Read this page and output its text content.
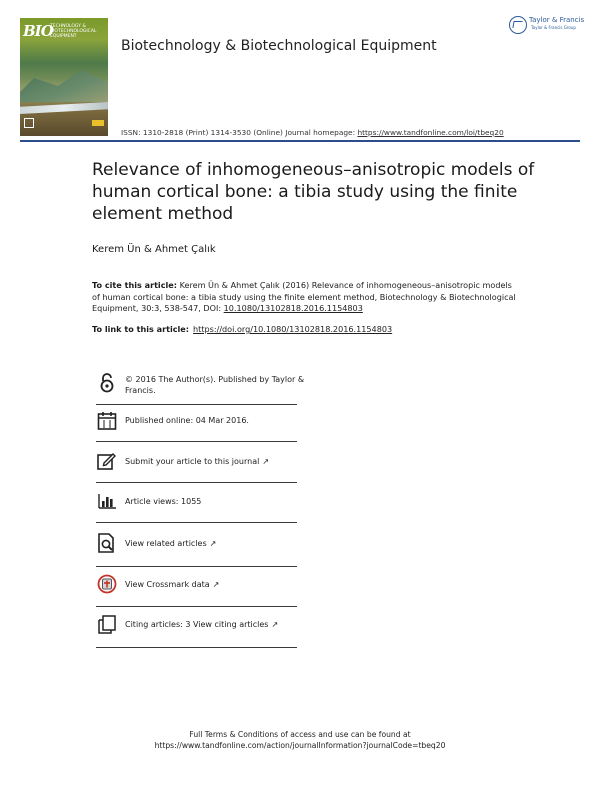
BIO
TECHNOLOGY & BIOTECHNOLOGICAL EQUIPMENT
Biotechnology & Biotechnological Equipment
ISSN: 1310-2818 (Print) 1314-3530 (Online) Journal homepage: https://www.tandfonline.com/loi/tbeq20
Taylor & Francis
Taylor & Francis Group
Relevance of inhomogeneous–anisotropic models of human cortical bone: a tibia study using the finite element method
Kerem Ün & Ahmet Çalık
To cite this article: Kerem Ün & Ahmet Çalık (2016) Relevance of inhomogeneous–anisotropic models of human cortical bone: a tibia study using the finite element method, Biotechnology & Biotechnological Equipment, 30:3, 538-547, DOI: 10.1080/13102818.2016.1154803
To link to this article: https://doi.org/10.1080/13102818.2016.1154803
© 2016 The Author(s). Published by Taylor &
Francis.
Published online: 04 Mar 2016.
Submit your article to this journal ↗
Article views: 1055
View related articles ↗
View Crossmark data ↗
Citing articles: 3 View citing articles ↗
Full Terms & Conditions of access and use can be found at
https://www.tandfonline.com/action/journalInformation?journalCode=tbeq20
